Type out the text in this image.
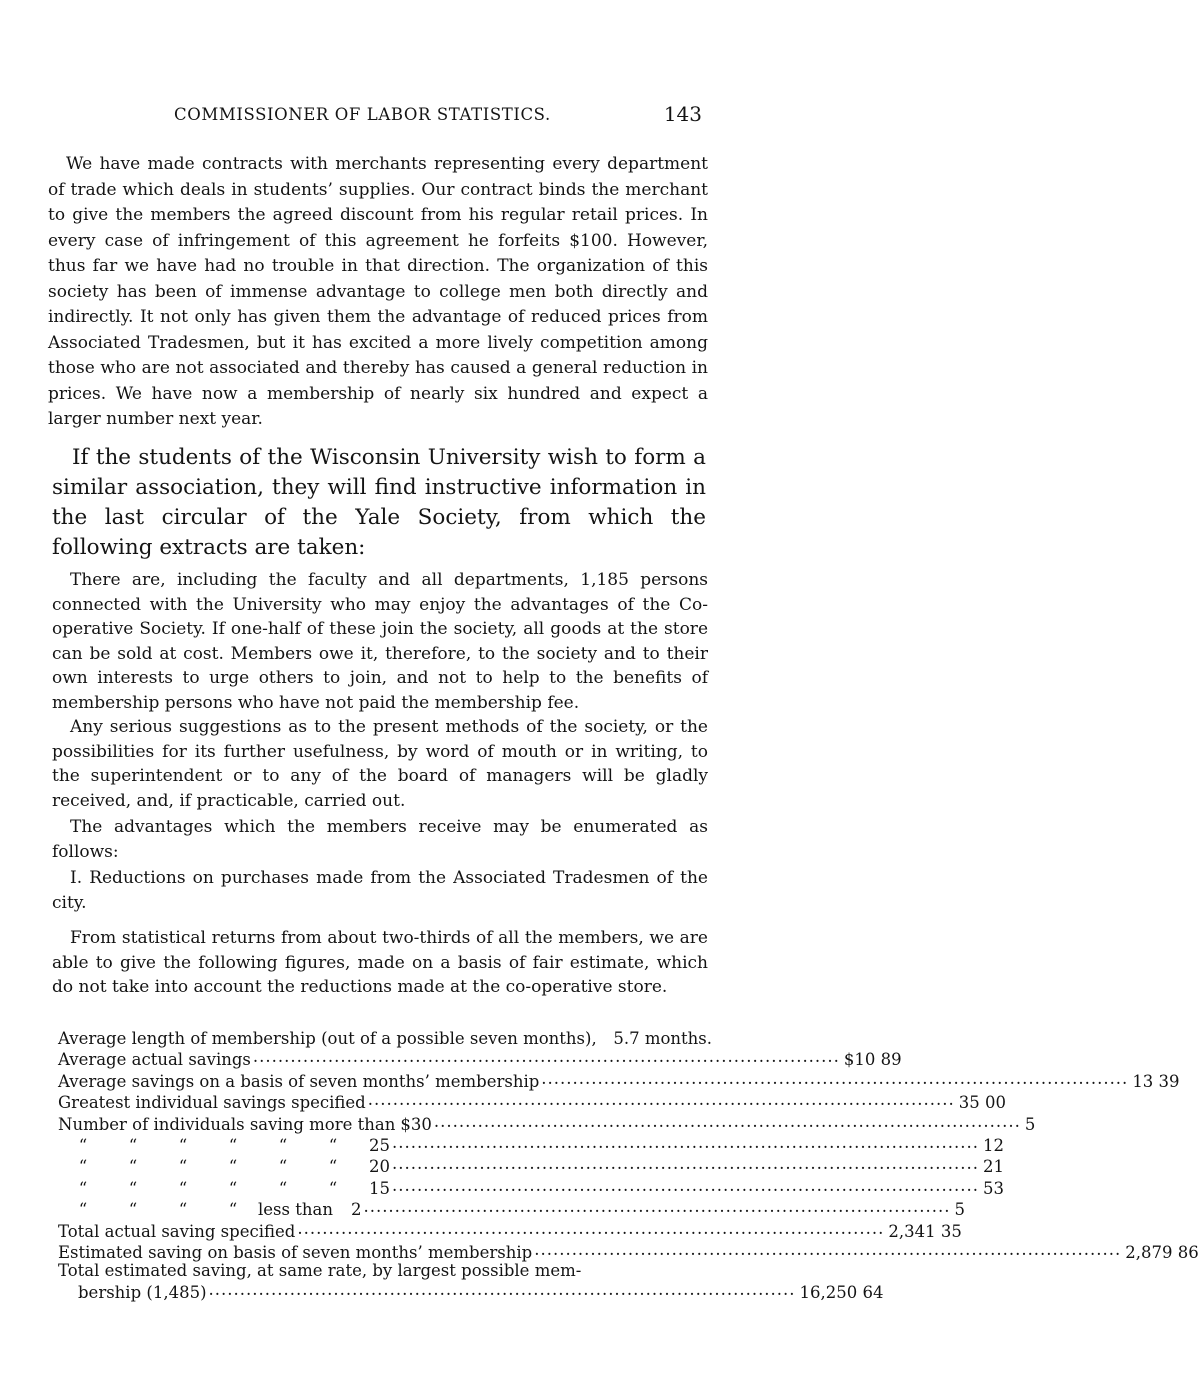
COMMISSIONER OF LABOR STATISTICS.	143

We have made contracts with merchants representing every department of trade which deals in students’ supplies. Our contract binds the merchant to give the members the agreed discount from his regular retail prices. In every case of infringement of this agreement he forfeits $100. However, thus far we have had no trouble in that direction. The organization of this society has been of immense advantage to college men both directly and indirectly. It not only has given them the advantage of reduced prices from Associated Tradesmen, but it has excited a more lively competition among those who are not associated and thereby has caused a general reduction in prices. We have now a membership of nearly six hundred and expect a larger number next year.

If the students of the Wisconsin University wish to form a similar association, they will find instructive information in the last circular of the Yale Society, from which the following extracts are taken:

There are, including the faculty and all departments, 1,185 persons connected with the University who may enjoy the advantages of the Co-operative Society. If one-half of these join the society, all goods at the store can be sold at cost. Members owe it, therefore, to the society and to their own interests to urge others to join, and not to help to the benefits of membership persons who have not paid the membership fee.

Any serious suggestions as to the present methods of the society, or the possibilities for its further usefulness, by word of mouth or in writing, to the superintendent or to any of the board of managers will be gladly received, and, if practicable, carried out.

The advantages which the members receive may be enumerated as follows:

I. Reductions on purchases made from the Associated Tradesmen of the city.

From statistical returns from about two-thirds of all the members, we are able to give the following figures, made on a basis of fair estimate, which do not take into account the reductions made at the co-operative store.

Average length of membership (out of a possible seven months), 5.7 months.
Average actual savings .............................................................................................. $10 89
Average savings on a basis of seven months’ membership .............................................................................................. 13 39
Greatest individual savings specified .............................................................................................. 35 00
Number of individuals saving more than $30 .............................................................................................. 5
“	“	“	“	“	“	25 .............................................................................................. 12
“	“	“	“	“	“	20 .............................................................................................. 21
“	“	“	“	“	“	15 .............................................................................................. 53
“	“	“	“	less than 2 .............................................................................................. 5
Total actual saving specified .............................................................................................. 2,341 35
Estimated saving on basis of seven months’ membership .............................................................................................. 2,879 86
Total estimated saving, at same rate, by largest possible mem-
bership (1,485) .............................................................................................. 16,250 64
